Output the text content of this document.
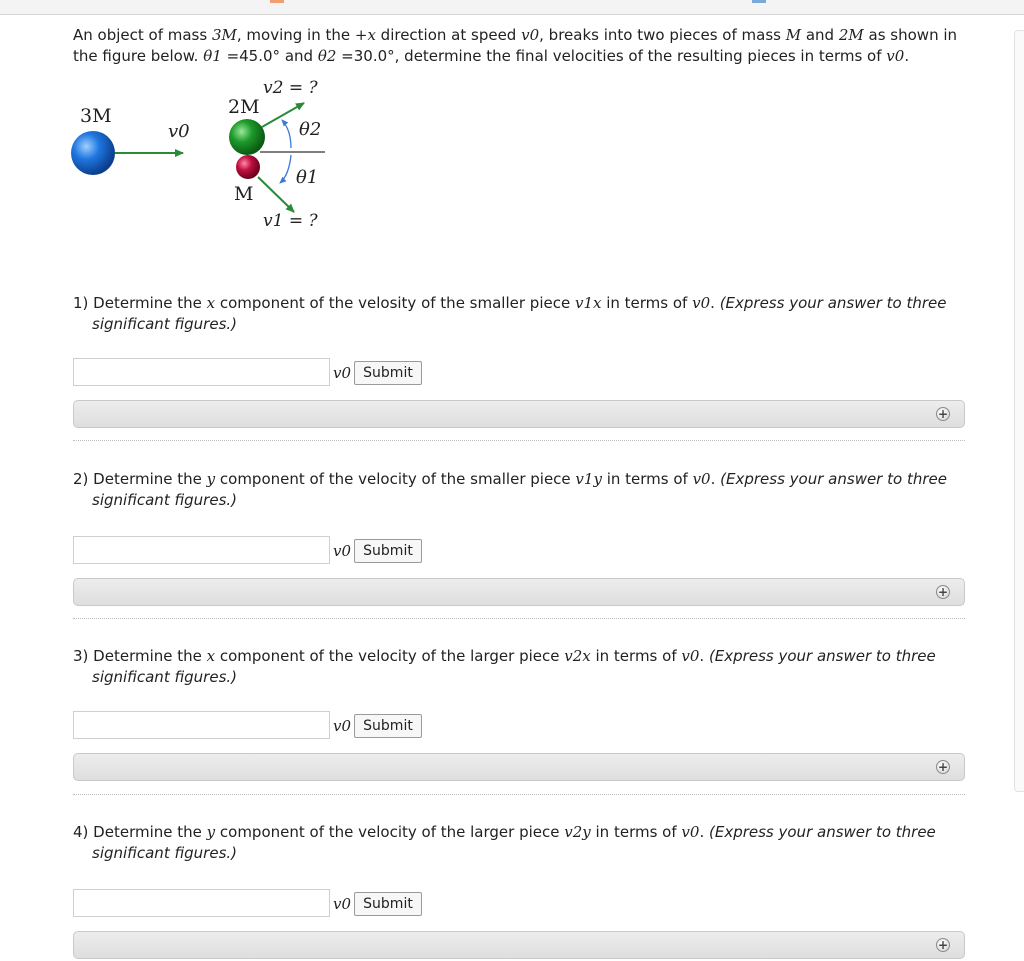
An object of mass 3M, moving in the +x direction at speed v0, breaks into two pieces of mass M and 2M as shown in the figure below. θ1 =45.0° and θ2 =30.0°, determine the final velocities of the resulting pieces in terms of v0.

3M
v0
2M
M
v2 = ?
v1 = ?
θ2
θ1
1) Determine the x component of the velosity of the smaller piece v1x in terms of v0. (Express your answer to three
significant figures.)
v0 Submit
+
2) Determine the y component of the velocity of the smaller piece v1y in terms of v0. (Express your answer to three
significant figures.)
v0 Submit
+
3) Determine the x component of the velocity of the larger piece v2x in terms of v0. (Express your answer to three
significant figures.)
v0 Submit
+
4) Determine the y component of the velocity of the larger piece v2y in terms of v0. (Express your answer to three
significant figures.)
v0 Submit
+
